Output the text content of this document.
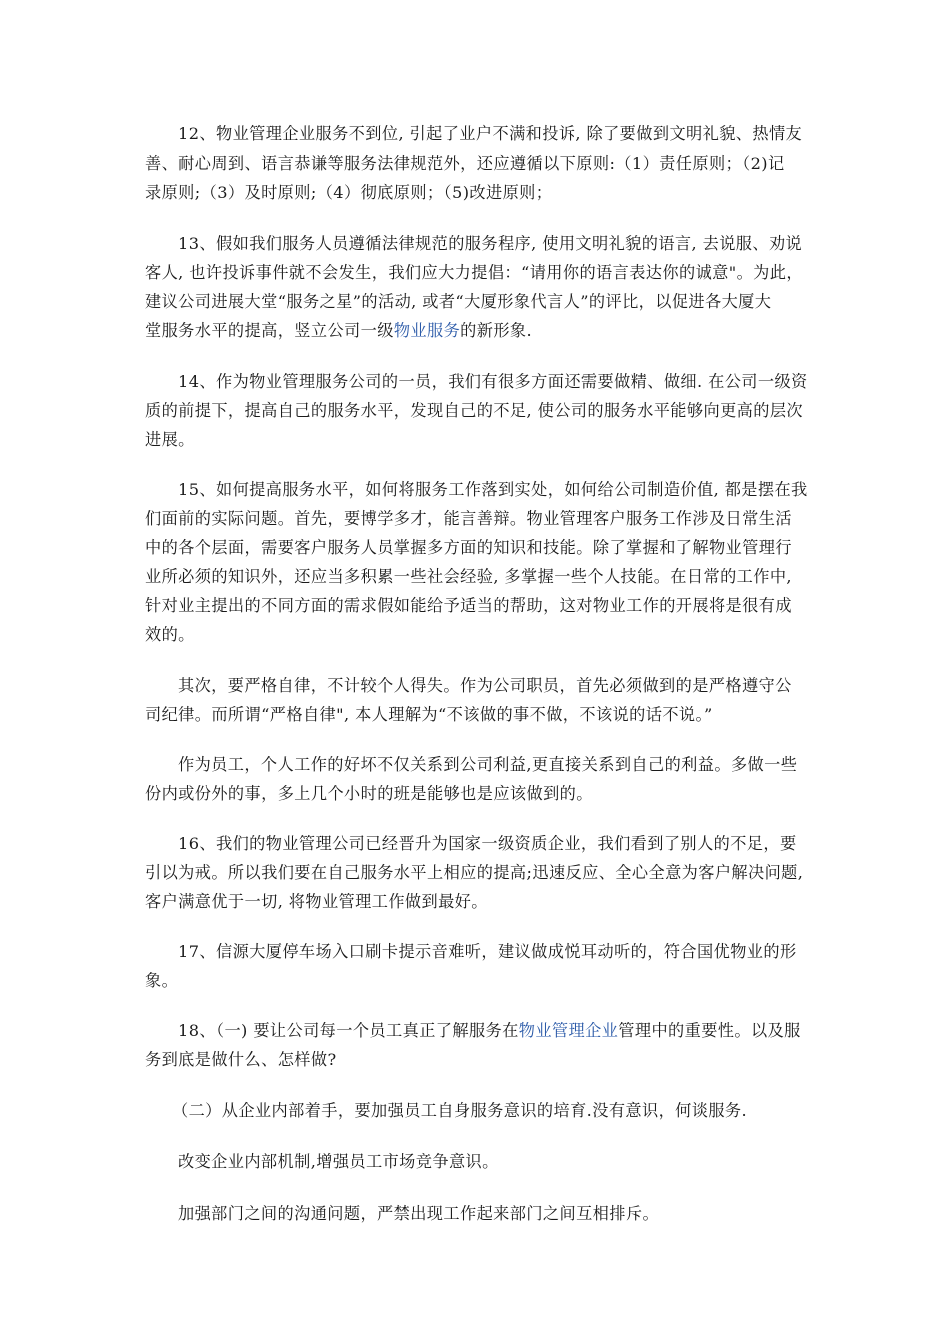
12、物业管理企业服务不到位, 引起了业户不满和投诉, 除了要做到文明礼貌、热情友
善、耐心周到、语言恭谦等服务法律规范外，还应遵循以下原则:（1）责任原则；（2)记
录原则;（3）及时原则;（4）彻底原则；（5)改进原则；
13、假如我们服务人员遵循法律规范的服务程序, 使用文明礼貌的语言, 去说服、劝说
客人, 也许投诉事件就不会发生，我们应大力提倡：“请用你的语言表达你的诚意"。为此，
建议公司进展大堂“服务之星”的活动, 或者“大厦形象代言人”的评比，以促进各大厦大
堂服务水平的提高，竖立公司一级物业服务的新形象.
14、作为物业管理服务公司的一员，我们有很多方面还需要做精、做细. 在公司一级资
质的前提下，提高自己的服务水平，发现自己的不足, 使公司的服务水平能够向更高的层次
进展。
15、如何提高服务水平，如何将服务工作落到实处，如何给公司制造价值, 都是摆在我
们面前的实际问题。首先，要博学多才，能言善辩。物业管理客户服务工作涉及日常生活
中的各个层面，需要客户服务人员掌握多方面的知识和技能。除了掌握和了解物业管理行
业所必须的知识外，还应当多积累一些社会经验, 多掌握一些个人技能。在日常的工作中,
针对业主提出的不同方面的需求假如能给予适当的帮助，这对物业工作的开展将是很有成
效的。
其次，要严格自律，不计较个人得失。作为公司职员，首先必须做到的是严格遵守公
司纪律。而所谓“严格自律", 本人理解为“不该做的事不做，不该说的话不说。”
作为员工，个人工作的好坏不仅关系到公司利益,更直接关系到自己的利益。多做一些
份内或份外的事，多上几个小时的班是能够也是应该做到的。
16、我们的物业管理公司已经晋升为国家一级资质企业，我们看到了别人的不足，要
引以为戒。所以我们要在自己服务水平上相应的提高;迅速反应、全心全意为客户解决问题,
客户满意优于一切, 将物业管理工作做到最好。
17、信源大厦停车场入口刷卡提示音难听，建议做成悦耳动听的，符合国优物业的形
象。
18、（一) 要让公司每一个员工真正了解服务在物业管理企业管理中的重要性。以及服
务到底是做什么、怎样做?
（二）从企业内部着手，要加强员工自身服务意识的培育.没有意识，何谈服务.
改变企业内部机制,增强员工市场竞争意识。
加强部门之间的沟通问题，严禁出现工作起来部门之间互相排斥。
